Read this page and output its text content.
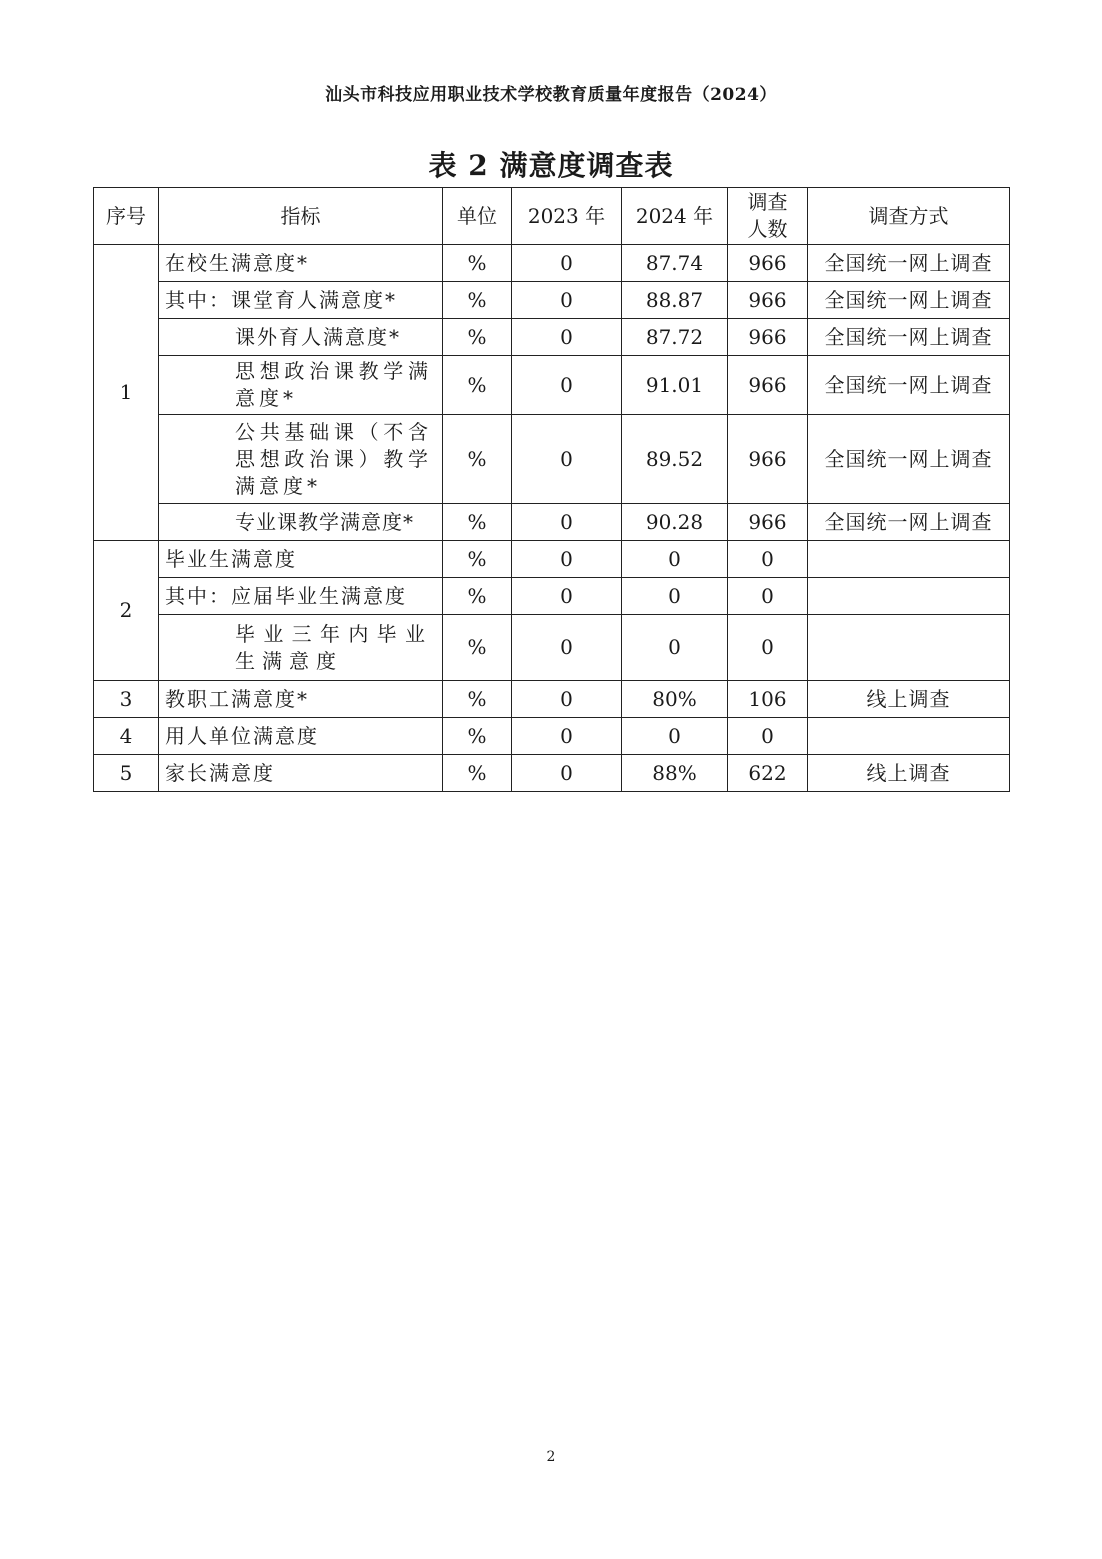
汕头市科技应用职业技术学校教育质量年度报告（2024）
表 2 满意度调查表
序号	指标	单位	2023 年	2024 年	调查人数	调查方式
1	在校生满意度*	%	0	87.74	966	全国统一网上调查
	其中：课堂育人满意度*	%	0	88.87	966	全国统一网上调查
	课外育人满意度*	%	0	87.72	966	全国统一网上调查
	思想政治课教学满意度*	%	0	91.01	966	全国统一网上调查
	公共基础课（不含思想政治课）教学满意度*	%	0	89.52	966	全国统一网上调查
	专业课教学满意度*	%	0	90.28	966	全国统一网上调查
2	毕业生满意度	%	0	0	0	
	其中：应届毕业生满意度	%	0	0	0	
	毕业三年内毕业生满意度	%	0	0	0	
3	教职工满意度*	%	0	80%	106	线上调查
4	用人单位满意度	%	0	0	0	
5	家长满意度	%	0	88%	622	线上调查
2
